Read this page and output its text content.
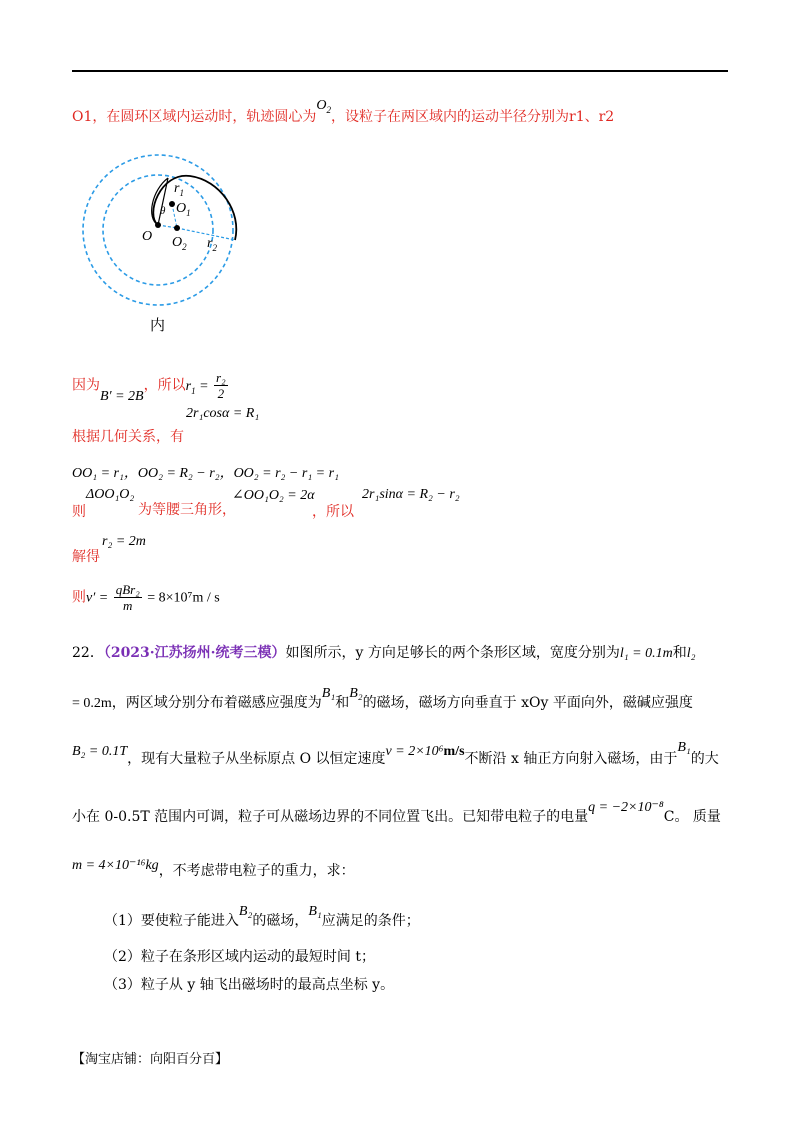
O1，在圆环区域内运动时，轨迹圆心为$O_2$，设粒子在两区域内的运动半径分别为r1、r2
O
$O_1$
$O_2$
$r_1$
$r_2$
θ
内
因为B′ = 2B，所以$r_1 = \frac{\text{r₂}}{2}$
2r₁cosα = R₁
根据几何关系，有
OO₁ = r₁，OO₂ = R₂ − r₂，OO₂ = r₂ − r₁ = r₁
ΔOO₁O₂	∠OO₁O₂ = 2α	2r₁sinα = R₂ − r₂
则	为等腰三角形，	，所以
r₂ = 2m
解得
则$v' = \frac{\text{qBr₂}}{m} = 8\times 10^7m / s$
22．（2023·江苏扬州·统考三模）如图所示，y 方向足够长的两个条形区域，宽度分别为l₁ = 0.1m和l₂
= 0.2m，两区域分别分布着磁感应强度为B₁和B₂的磁场，磁场方向垂直于 xOy 平面向外，磁碱应强度
B₂ = 0.1T，现有大量粒子从坐标原点 O 以恒定速度v = 2×10⁶m/s不断沿 x 轴正方向射入磁场，由于B₁的大
小在 0-0.5T 范围内可调，粒子可从磁场边界的不同位置飞出。已知带电粒子的电量q = −2×10⁻⁸C。 质量
m = 4×10⁻¹⁶kg，不考虑带电粒子的重力，求：
（1）要使粒子能进入B₂的磁场，B₁应满足的条件；
（2）粒子在条形区域内运动的最短时间 t；
（3）粒子从 y 轴飞出磁场时的最高点坐标 y。
【淘宝店铺：向阳百分百】
